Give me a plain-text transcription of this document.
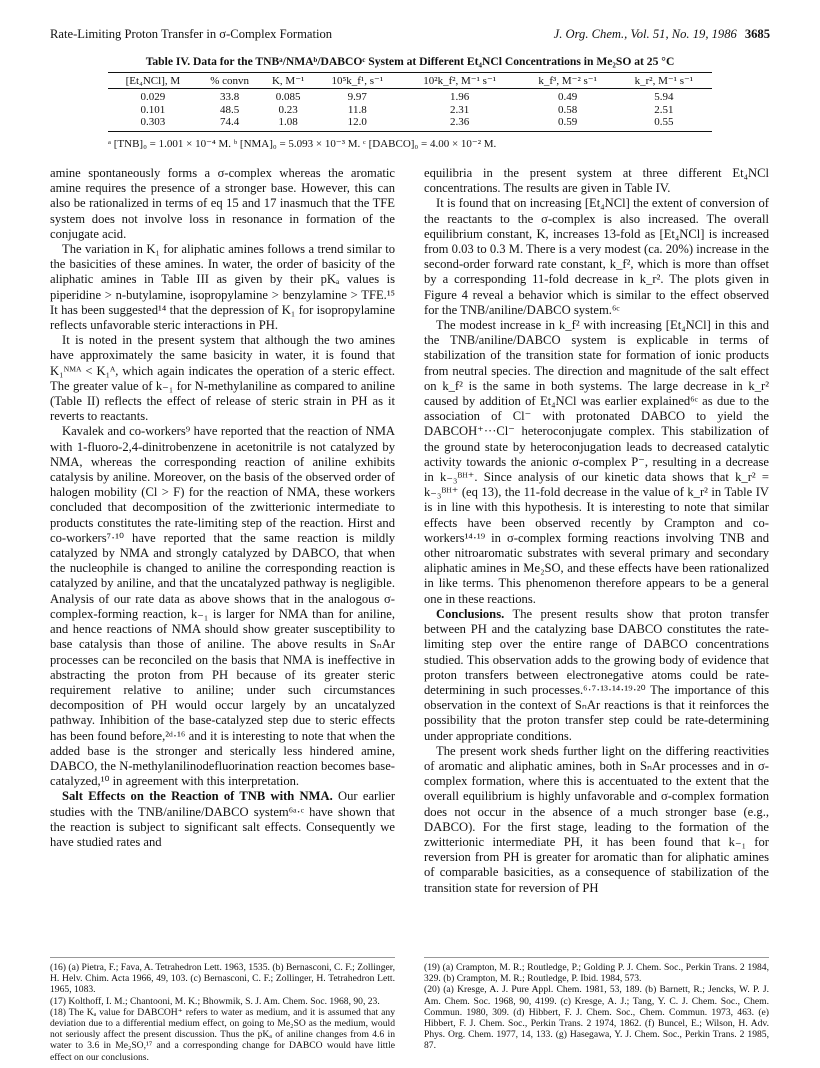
Rate-Limiting Proton Transfer in σ-Complex Formation	J. Org. Chem., Vol. 51, No. 19, 1986 3685
Table IV. Data for the TNBᵃ/NMAᵇ/DABCOᶜ System at Different Et₄NCl Concentrations in Me₂SO at 25 °C
[Et₄NCl], M	% convn	K, M⁻¹	10⁵k_f¹, s⁻¹	10²k_f², M⁻¹ s⁻¹	k_f³, M⁻² s⁻¹	k_r², M⁻¹ s⁻¹
0.029	33.8	0.085	9.97	1.96	0.49	5.94
0.101	48.5	0.23	11.8	2.31	0.58	2.51
0.303	74.4	1.08	12.0	2.36	0.59	0.55
ᵃ [TNB]₀ = 1.001 × 10⁻⁴ M. ᵇ [NMA]₀ = 5.093 × 10⁻³ M. ᶜ [DABCO]₀ = 4.00 × 10⁻² M.

amine spontaneously forms a σ-complex whereas the aromatic amine requires the presence of a stronger base. However, this can also be rationalized in terms of eq 15 and 17 inasmuch that the TFE system does not involve loss in resonance in formation of the conjugate acid.

The variation in K₁ for aliphatic amines follows a trend similar to the basicities of these amines. In water, the order of basicity of the aliphatic amines in Table III as given by their pKₐ values is piperidine > n-butylamine, isopropylamine > benzylamine > TFE.¹⁵ It has been suggested¹⁴ that the depression of K₁ for isopropylamine reflects unfavorable steric interactions in PH.

It is noted in the present system that although the two amines have approximately the same basicity in water, it is found that K₁ᴺᴹᴬ < K₁ᴬ, which again indicates the operation of a steric effect. The greater value of k₋₁ for N-methylaniline as compared to aniline (Table II) reflects the effect of release of steric strain in PH as it reverts to reactants.

Kavalek and co-workers⁹ have reported that the reaction of NMA with 1-fluoro-2,4-dinitrobenzene in acetonitrile is not catalyzed by NMA, whereas the corresponding reaction of aniline exhibits catalysis by aniline. Moreover, on the basis of the observed order of halogen mobility (Cl > F) for the reaction of NMA, these workers concluded that decomposition of the zwitterionic intermediate to products constitutes the rate-limiting step of the reaction. Hirst and co-workers⁷·¹⁰ have reported that the same reaction is mildly catalyzed by NMA and strongly catalyzed by DABCO, that when the nucleophile is changed to aniline the corresponding reaction is catalyzed by aniline, and that the uncatalyzed pathway is negligible. Analysis of our rate data as above shows that in the analogous σ-complex-forming reaction, k₋₁ is larger for NMA than for aniline, and hence reactions of NMA should show greater susceptibility to base catalysis than those of aniline. The above results in SₙAr processes can be reconciled on the basis that NMA is ineffective in abstracting the proton from PH because of its greater steric requirement relative to aniline; under such circumstances decomposition of PH would occur largely by an uncatalyzed pathway. Inhibition of the base-catalyzed step due to steric effects has been found before,²ᵈ·¹⁶ and it is interesting to note that when the added base is the stronger and sterically less hindered amine, DABCO, the N-methylanilinodefluorination reaction becomes base-catalyzed,¹⁰ in agreement with this interpretation.

Salt Effects on the Reaction of TNB with NMA. Our earlier studies with the TNB/aniline/DABCO system⁶ᵃ·ᶜ have shown that the reaction is subject to significant salt effects. Consequently we have studied rates and

equilibria in the present system at three different Et₄NCl concentrations. The results are given in Table IV.

It is found that on increasing [Et₄NCl] the extent of conversion of the reactants to the σ-complex is also increased. The overall equilibrium constant, K, increases 13-fold as [Et₄NCl] is increased from 0.03 to 0.3 M. There is a very modest (ca. 20%) increase in the second-order forward rate constant, k_f², which is more than offset by a corresponding 11-fold decrease in k_r². The plots given in Figure 4 reveal a behavior which is similar to the effect observed for the TNB/aniline/DABCO system.⁶ᶜ

The modest increase in k_f² with increasing [Et₄NCl] in this and the TNB/aniline/DABCO system is explicable in terms of stabilization of the transition state for formation of ionic products from neutral species. The direction and magnitude of the salt effect on k_f² is the same in both systems. The large decrease in k_r² caused by addition of Et₄NCl was earlier explained⁶ᶜ as due to the association of Cl⁻ with protonated DABCO to yield the DABCOH⁺···Cl⁻ heteroconjugate complex. This stabilization of the ground state by heteroconjugation leads to decreased catalytic activity towards the anionic σ-complex P⁻, resulting in a decrease in k₋₃ᴮᴴ⁺. Since analysis of our kinetic data shows that k_r² = k₋₃ᴮᴴ⁺ (eq 13), the 11-fold decrease in the value of k_r² in Table IV is in line with this hypothesis. It is interesting to note that similar effects have been observed recently by Crampton and co-workers¹⁴·¹⁹ in σ-complex forming reactions involving TNB and other nitroaromatic substrates with several primary and secondary aliphatic amines in Me₂SO, and these effects have been rationalized in like terms. This phenomenon therefore appears to be a general one in these reactions.

Conclusions. The present results show that proton transfer between PH and the catalyzing base DABCO constitutes the rate-limiting step over the entire range of DABCO concentrations studied. This observation adds to the growing body of evidence that proton transfers between electronegative atoms could be rate-determining in such processes.⁶·⁷·¹³·¹⁴·¹⁹·²⁰ The importance of this observation in the context of SₙAr reactions is that it reinforces the possibility that the proton transfer step could be rate-determining under appropriate conditions.

The present work sheds further light on the differing reactivities of aromatic and aliphatic amines, both in SₙAr processes and in σ-complex formation, where this is accentuated to the extent that the overall equilibrium is highly unfavorable and σ-complex formation does not occur in the absence of a much stronger base (e.g., DABCO). For the first stage, leading to the formation of the zwitterionic intermediate PH, it has been found that k₋₁ for reversion from PH is greater for aromatic than for aliphatic amines of comparable basicities, as a consequence of stabilization of the transition state for reversion of PH

(16) (a) Pietra, F.; Fava, A. Tetrahedron Lett. 1963, 1535. (b) Bernasconi, C. F.; Zollinger, H. Helv. Chim. Acta 1966, 49, 103. (c) Bernasconi, C. F.; Zollinger, H. Tetrahedron Lett. 1965, 1083.

(17) Kolthoff, I. M.; Chantooni, M. K.; Bhowmik, S. J. Am. Chem. Soc. 1968, 90, 23.

(18) The Kₐ value for DABCOH⁺ refers to water as medium, and it is assumed that any deviation due to a differential medium effect, on going to Me₂SO as the medium, would not seriously affect the present discussion. Thus the pKₐ of aniline changes from 4.6 in water to 3.6 in Me₂SO,¹⁷ and a corresponding change for DABCO would have little effect on our conclusions.

(19) (a) Crampton, M. R.; Routledge, P.; Golding P. J. Chem. Soc., Perkin Trans. 2 1984, 329. (b) Crampton, M. R.; Routledge, P. Ibid. 1984, 573.

(20) (a) Kresge, A. J. Pure Appl. Chem. 1981, 53, 189. (b) Barnett, R.; Jencks, W. P. J. Am. Chem. Soc. 1968, 90, 4199. (c) Kresge, A. J.; Tang, Y. C. J. Chem. Soc., Chem. Commun. 1980, 309. (d) Hibbert, F. J. Chem. Soc., Chem. Commun. 1973, 463. (e) Hibbert, F. J. Chem. Soc., Perkin Trans. 2 1974, 1862. (f) Buncel, E.; Wilson, H. Adv. Phys. Org. Chem. 1977, 14, 133. (g) Hasegawa, Y. J. Chem. Soc., Perkin Trans. 2 1985, 87.
